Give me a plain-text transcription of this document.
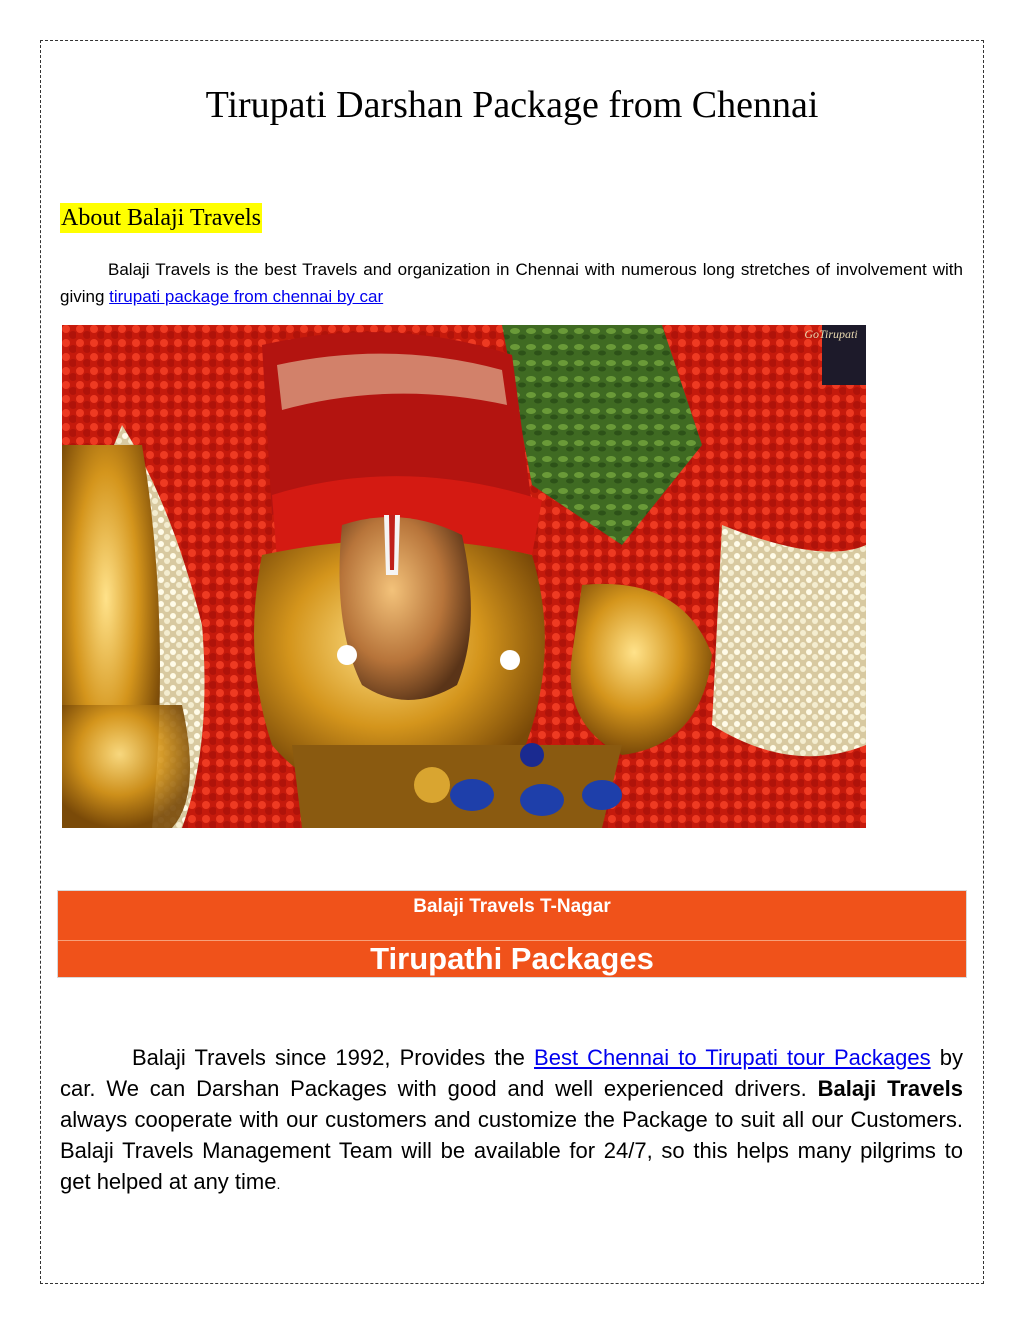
Tirupati Darshan Package from Chennai
About Balaji Travels

Balaji Travels is the best Travels and organization in Chennai with numerous long stretches of involvement with giving tirupati package from chennai by car

GoTirupati
Balaji Travels T-Nagar
Tirupathi Packages

Balaji Travels since 1992, Provides the Best Chennai to Tirupati tour Packages by car. We can Darshan Packages with good and well experienced drivers. Balaji Travels always cooperate with our customers and customize the Package to suit all our Customers. Balaji Travels Management Team will be available for 24/7, so this helps many pilgrims to get helped at any time.
